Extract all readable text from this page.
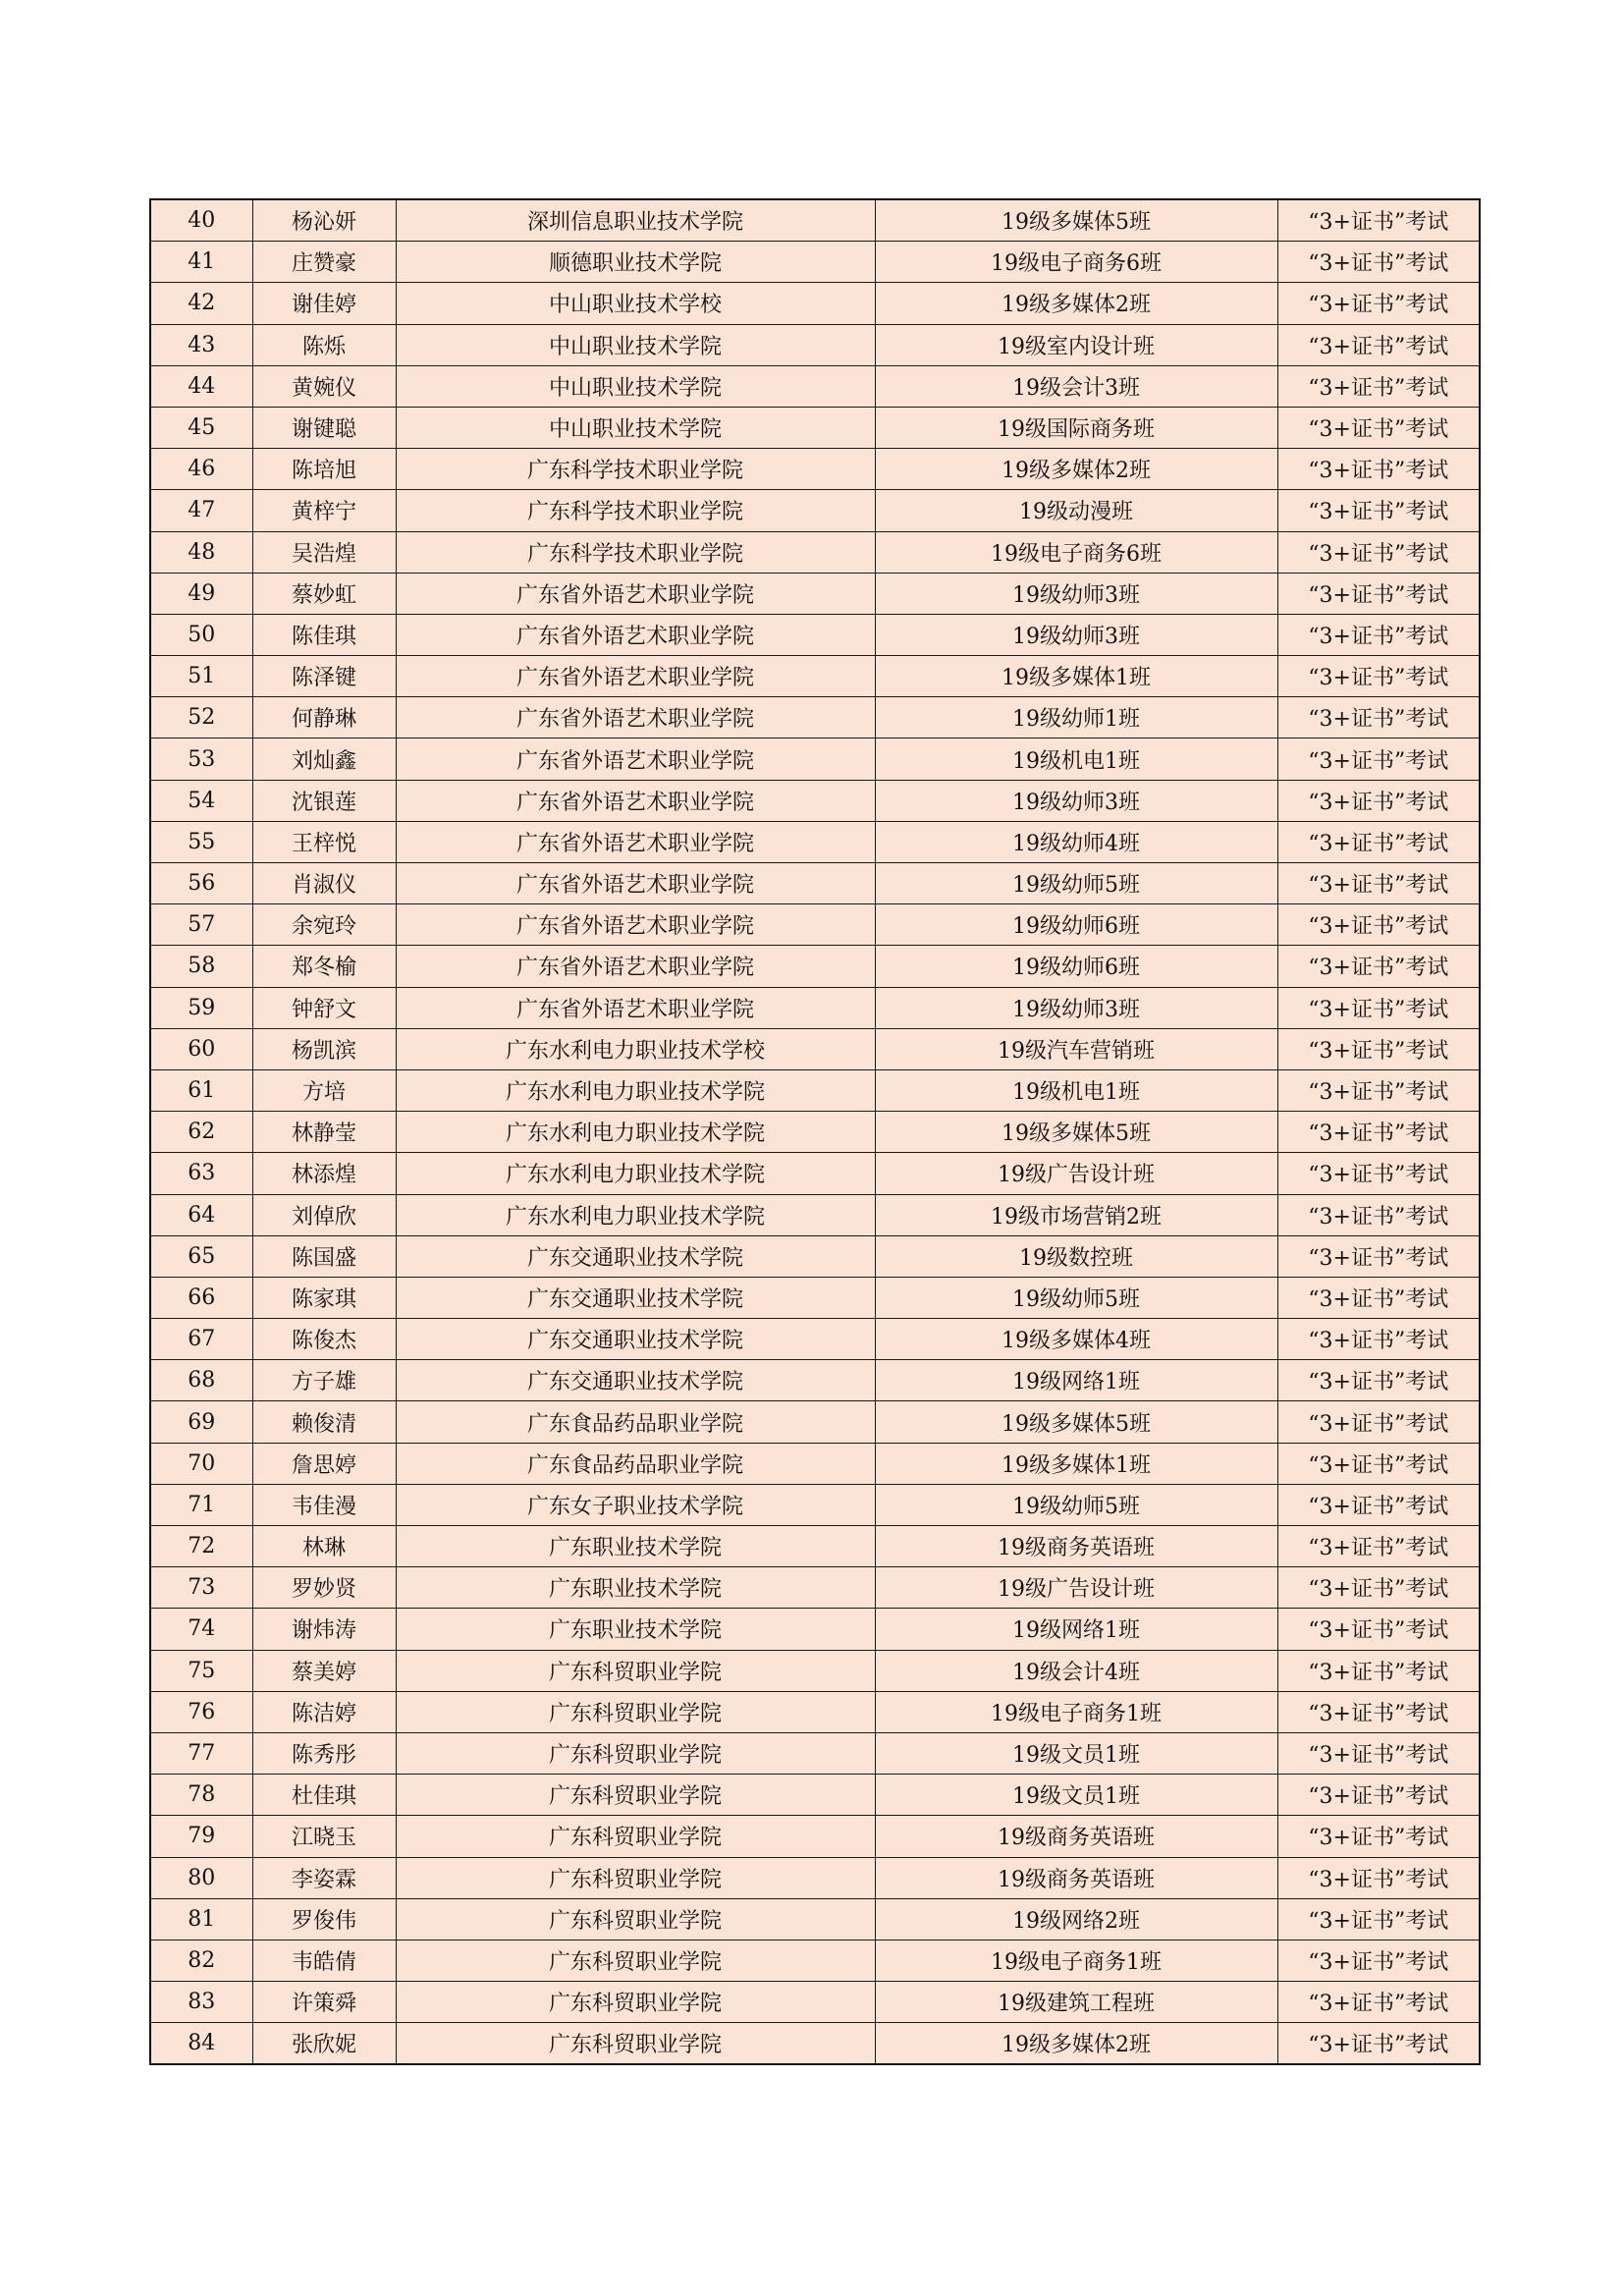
40	杨沁妍	深圳信息职业技术学院	19级多媒体5班	“3+证书”考试
41	庄赞豪	顺德职业技术学院	19级电子商务6班	“3+证书”考试
42	谢佳婷	中山职业技术学校	19级多媒体2班	“3+证书”考试
43	陈烁	中山职业技术学院	19级室内设计班	“3+证书”考试
44	黄婉仪	中山职业技术学院	19级会计3班	“3+证书”考试
45	谢键聪	中山职业技术学院	19级国际商务班	“3+证书”考试
46	陈培旭	广东科学技术职业学院	19级多媒体2班	“3+证书”考试
47	黄梓宁	广东科学技术职业学院	19级动漫班	“3+证书”考试
48	吴浩煌	广东科学技术职业学院	19级电子商务6班	“3+证书”考试
49	蔡妙虹	广东省外语艺术职业学院	19级幼师3班	“3+证书”考试
50	陈佳琪	广东省外语艺术职业学院	19级幼师3班	“3+证书”考试
51	陈泽键	广东省外语艺术职业学院	19级多媒体1班	“3+证书”考试
52	何静琳	广东省外语艺术职业学院	19级幼师1班	“3+证书”考试
53	刘灿鑫	广东省外语艺术职业学院	19级机电1班	“3+证书”考试
54	沈银莲	广东省外语艺术职业学院	19级幼师3班	“3+证书”考试
55	王梓悦	广东省外语艺术职业学院	19级幼师4班	“3+证书”考试
56	肖淑仪	广东省外语艺术职业学院	19级幼师5班	“3+证书”考试
57	余宛玲	广东省外语艺术职业学院	19级幼师6班	“3+证书”考试
58	郑冬榆	广东省外语艺术职业学院	19级幼师6班	“3+证书”考试
59	钟舒文	广东省外语艺术职业学院	19级幼师3班	“3+证书”考试
60	杨凯滨	广东水利电力职业技术学校	19级汽车营销班	“3+证书”考试
61	方培	广东水利电力职业技术学院	19级机电1班	“3+证书”考试
62	林静莹	广东水利电力职业技术学院	19级多媒体5班	“3+证书”考试
63	林添煌	广东水利电力职业技术学院	19级广告设计班	“3+证书”考试
64	刘倬欣	广东水利电力职业技术学院	19级市场营销2班	“3+证书”考试
65	陈国盛	广东交通职业技术学院	19级数控班	“3+证书”考试
66	陈家琪	广东交通职业技术学院	19级幼师5班	“3+证书”考试
67	陈俊杰	广东交通职业技术学院	19级多媒体4班	“3+证书”考试
68	方子雄	广东交通职业技术学院	19级网络1班	“3+证书”考试
69	赖俊清	广东食品药品职业学院	19级多媒体5班	“3+证书”考试
70	詹思婷	广东食品药品职业学院	19级多媒体1班	“3+证书”考试
71	韦佳漫	广东女子职业技术学院	19级幼师5班	“3+证书”考试
72	林琳	广东职业技术学院	19级商务英语班	“3+证书”考试
73	罗妙贤	广东职业技术学院	19级广告设计班	“3+证书”考试
74	谢炜涛	广东职业技术学院	19级网络1班	“3+证书”考试
75	蔡美婷	广东科贸职业学院	19级会计4班	“3+证书”考试
76	陈洁婷	广东科贸职业学院	19级电子商务1班	“3+证书”考试
77	陈秀彤	广东科贸职业学院	19级文员1班	“3+证书”考试
78	杜佳琪	广东科贸职业学院	19级文员1班	“3+证书”考试
79	江晓玉	广东科贸职业学院	19级商务英语班	“3+证书”考试
80	李姿霖	广东科贸职业学院	19级商务英语班	“3+证书”考试
81	罗俊伟	广东科贸职业学院	19级网络2班	“3+证书”考试
82	韦皓倩	广东科贸职业学院	19级电子商务1班	“3+证书”考试
83	许策舜	广东科贸职业学院	19级建筑工程班	“3+证书”考试
84	张欣妮	广东科贸职业学院	19级多媒体2班	“3+证书”考试
